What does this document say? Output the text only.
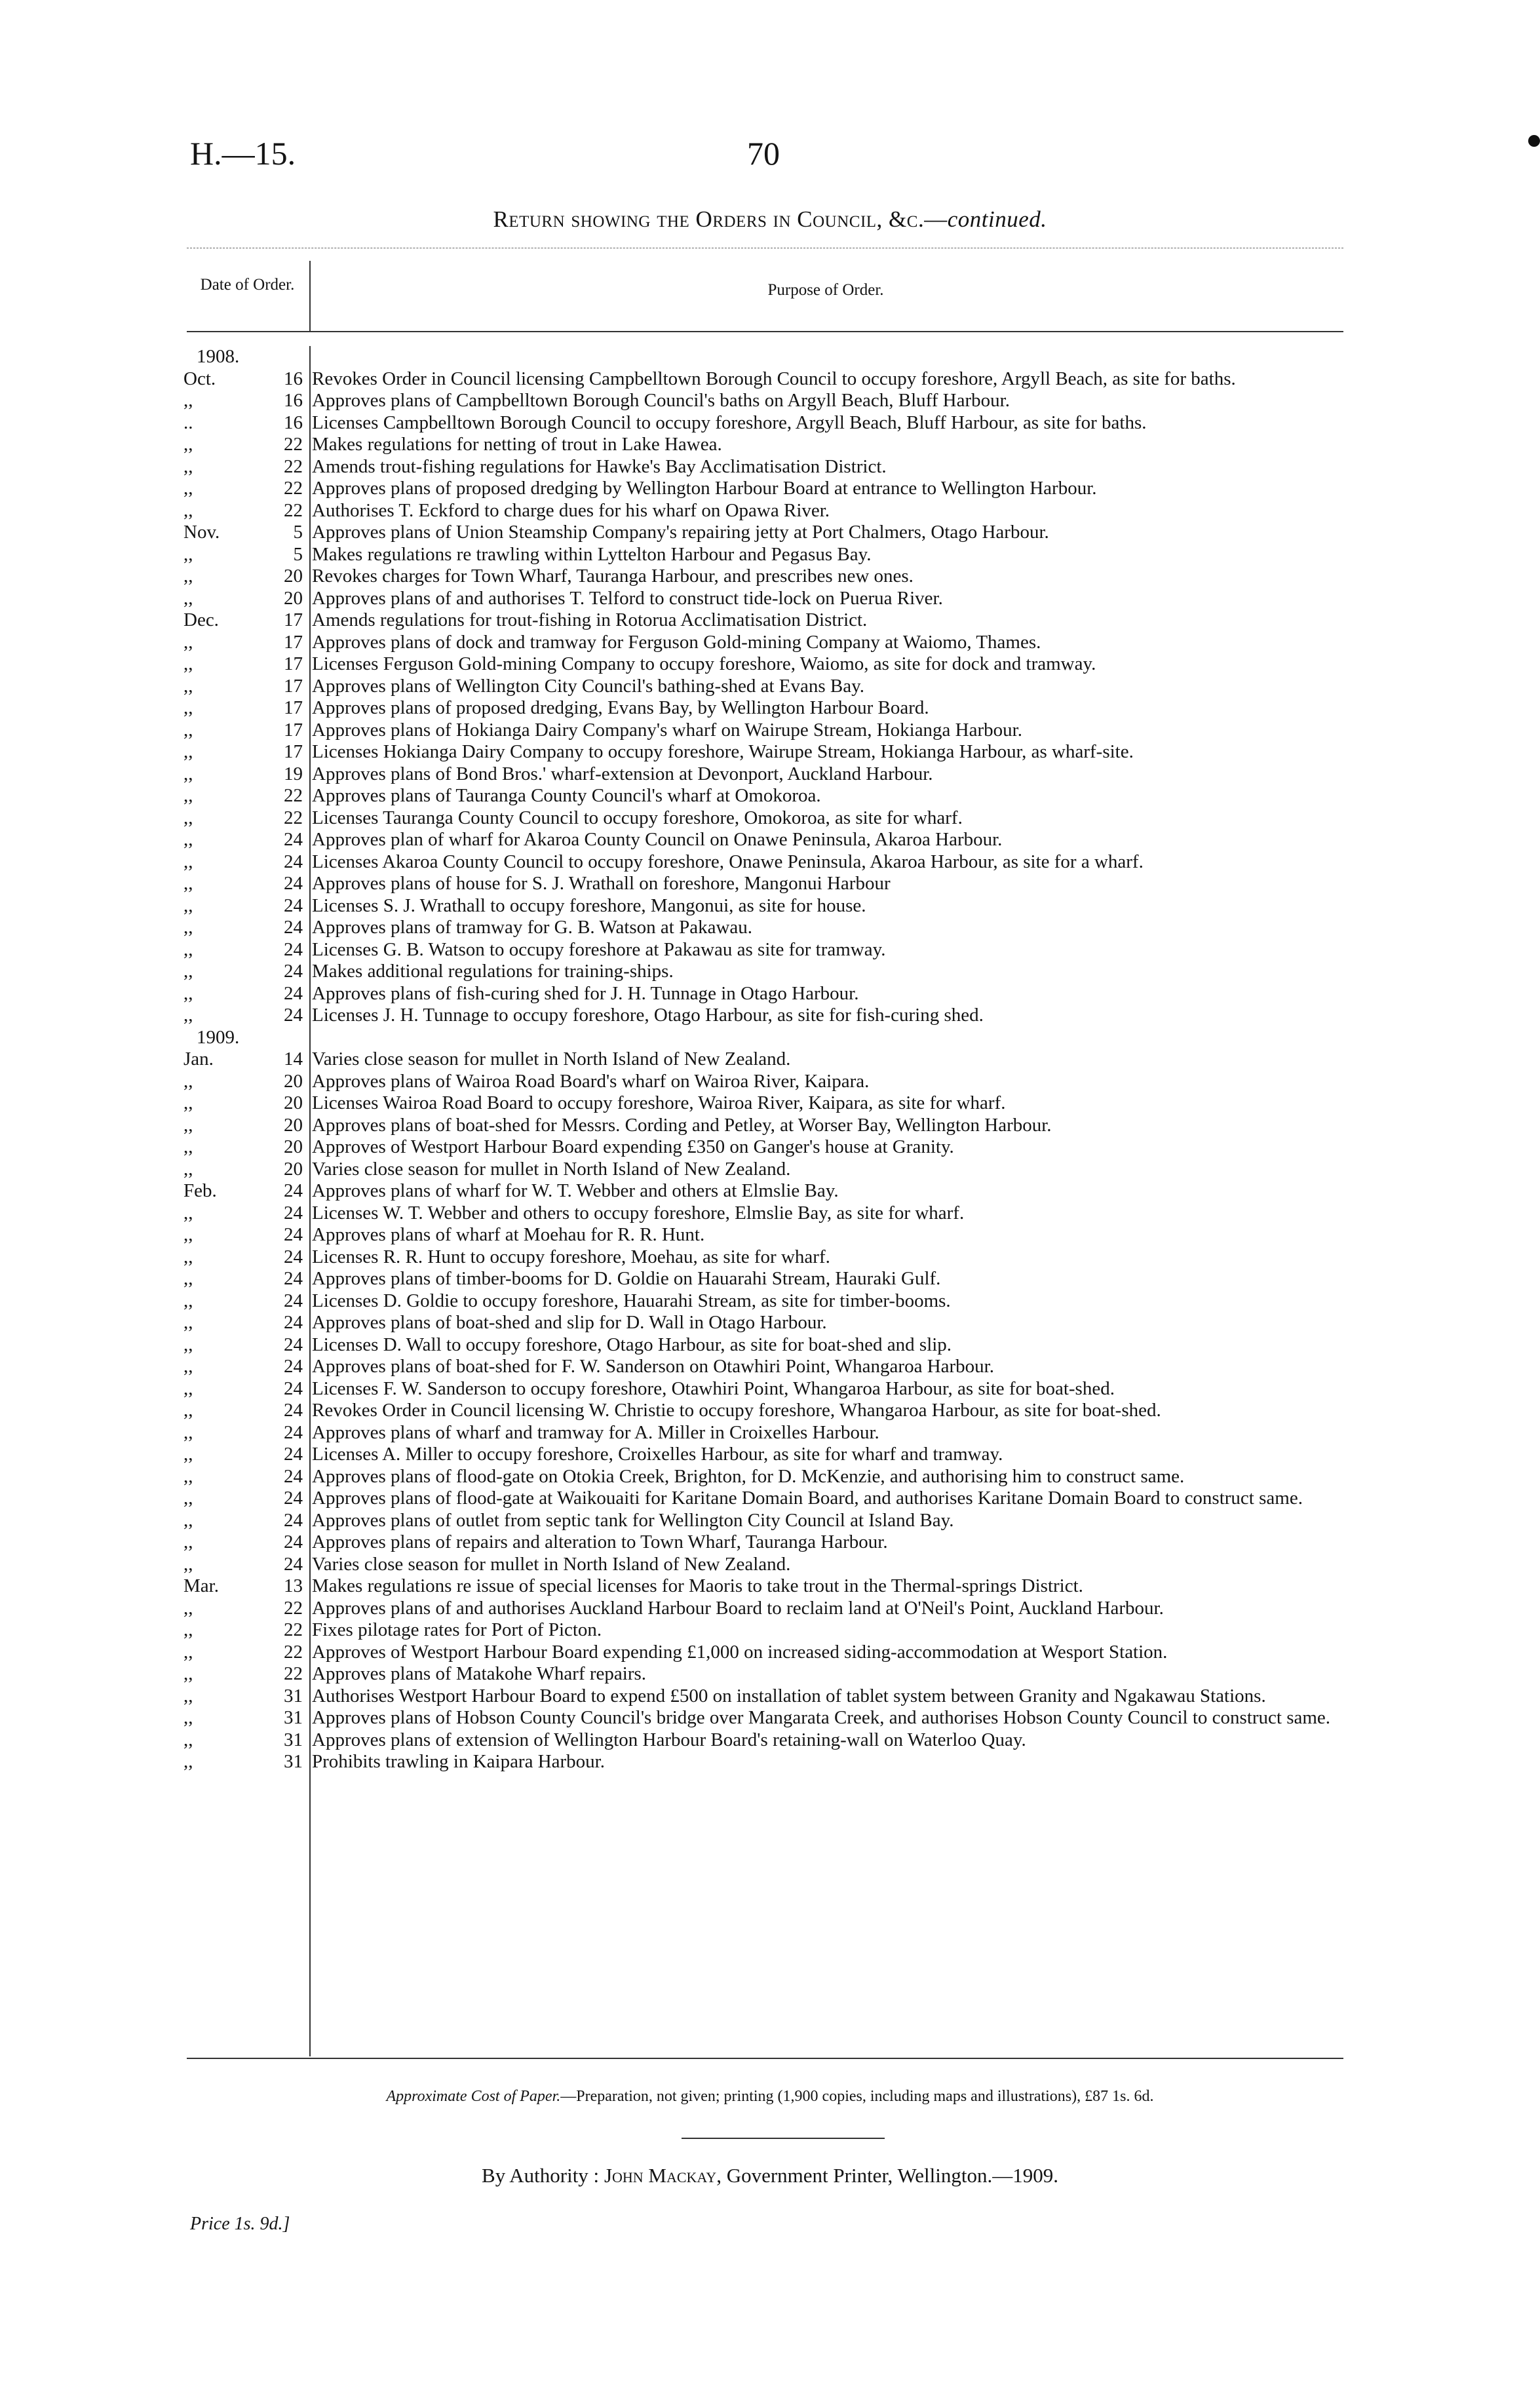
H.—15.	70
Return showing the Orders in Council, &c.—continued.
Date of Order.	Purpose of Order.
1908.
Oct.	16 Revokes Order in Council licensing Campbelltown Borough Council to occupy foreshore, Argyll Beach, as site for baths.
,,	16 Approves plans of Campbelltown Borough Council's baths on Argyll Beach, Bluff Harbour.
..	16 Licenses Campbelltown Borough Council to occupy foreshore, Argyll Beach, Bluff Harbour, as site for baths.
,,	22 Makes regulations for netting of trout in Lake Hawea.
,,	22 Amends trout-fishing regulations for Hawke's Bay Acclimatisation District.
,,	22 Approves plans of proposed dredging by Wellington Harbour Board at entrance to Wellington Harbour.
,,	22 Authorises T. Eckford to charge dues for his wharf on Opawa River.
Nov.	5 Approves plans of Union Steamship Company's repairing jetty at Port Chalmers, Otago Harbour.
,,	5 Makes regulations re trawling within Lyttelton Harbour and Pegasus Bay.
,,	20 Revokes charges for Town Wharf, Tauranga Harbour, and prescribes new ones.
,,	20 Approves plans of and authorises T. Telford to construct tide-lock on Puerua River.
Dec.	17 Amends regulations for trout-fishing in Rotorua Acclimatisation District.
,,	17 Approves plans of dock and tramway for Ferguson Gold-mining Company at Waiomo, Thames.
,,	17 Licenses Ferguson Gold-mining Company to occupy foreshore, Waiomo, as site for dock and tramway.
,,	17 Approves plans of Wellington City Council's bathing-shed at Evans Bay.
,,	17 Approves plans of proposed dredging, Evans Bay, by Wellington Harbour Board.
,,	17 Approves plans of Hokianga Dairy Company's wharf on Wairupe Stream, Hokianga Harbour.
,,	17 Licenses Hokianga Dairy Company to occupy foreshore, Wairupe Stream, Hokianga Harbour, as wharf-site.
,,	19 Approves plans of Bond Bros.' wharf-extension at Devonport, Auckland Harbour.
,,	22 Approves plans of Tauranga County Council's wharf at Omokoroa.
,,	22 Licenses Tauranga County Council to occupy foreshore, Omokoroa, as site for wharf.
,,	24 Approves plan of wharf for Akaroa County Council on Onawe Peninsula, Akaroa Harbour.
,,	24 Licenses Akaroa County Council to occupy foreshore, Onawe Peninsula, Akaroa Harbour, as site for a wharf.
,,	24 Approves plans of house for S. J. Wrathall on foreshore, Mangonui Harbour
,,	24 Licenses S. J. Wrathall to occupy foreshore, Mangonui, as site for house.
,,	24 Approves plans of tramway for G. B. Watson at Pakawau.
,,	24 Licenses G. B. Watson to occupy foreshore at Pakawau as site for tramway.
,,	24 Makes additional regulations for training-ships.
,,	24 Approves plans of fish-curing shed for J. H. Tunnage in Otago Harbour.
,,	24 Licenses J. H. Tunnage to occupy foreshore, Otago Harbour, as site for fish-curing shed.
1909.
Jan.	14 Varies close season for mullet in North Island of New Zealand.
,,	20 Approves plans of Wairoa Road Board's wharf on Wairoa River, Kaipara.
,,	20 Licenses Wairoa Road Board to occupy foreshore, Wairoa River, Kaipara, as site for wharf.
,,	20 Approves plans of boat-shed for Messrs. Cording and Petley, at Worser Bay, Wellington Harbour.
,,	20 Approves of Westport Harbour Board expending £350 on Ganger's house at Granity.
,,	20 Varies close season for mullet in North Island of New Zealand.
Feb.	24 Approves plans of wharf for W. T. Webber and others at Elmslie Bay.
,,	24 Licenses W. T. Webber and others to occupy foreshore, Elmslie Bay, as site for wharf.
,,	24 Approves plans of wharf at Moehau for R. R. Hunt.
,,	24 Licenses R. R. Hunt to occupy foreshore, Moehau, as site for wharf.
,,	24 Approves plans of timber-booms for D. Goldie on Hauarahi Stream, Hauraki Gulf.
,,	24 Licenses D. Goldie to occupy foreshore, Hauarahi Stream, as site for timber-booms.
,,	24 Approves plans of boat-shed and slip for D. Wall in Otago Harbour.
,,	24 Licenses D. Wall to occupy foreshore, Otago Harbour, as site for boat-shed and slip.
,,	24 Approves plans of boat-shed for F. W. Sanderson on Otawhiri Point, Whangaroa Harbour.
,,	24 Licenses F. W. Sanderson to occupy foreshore, Otawhiri Point, Whangaroa Harbour, as site for boat-shed.
,,	24 Revokes Order in Council licensing W. Christie to occupy foreshore, Whangaroa Harbour, as site for boat-shed.
,,	24 Approves plans of wharf and tramway for A. Miller in Croixelles Harbour.
,,	24 Licenses A. Miller to occupy foreshore, Croixelles Harbour, as site for wharf and tramway.
,,	24 Approves plans of flood-gate on Otokia Creek, Brighton, for D. McKenzie, and authorising him to construct same.
,,	24 Approves plans of flood-gate at Waikouaiti for Karitane Domain Board, and authorises Karitane Domain Board to construct same.
,,	24 Approves plans of outlet from septic tank for Wellington City Council at Island Bay.
,,	24 Approves plans of repairs and alteration to Town Wharf, Tauranga Harbour.
,,	24 Varies close season for mullet in North Island of New Zealand.
Mar.	13 Makes regulations re issue of special licenses for Maoris to take trout in the Thermal-springs District.
,,	22 Approves plans of and authorises Auckland Harbour Board to reclaim land at O'Neil's Point, Auckland Harbour.
,,	22 Fixes pilotage rates for Port of Picton.
,,	22 Approves of Westport Harbour Board expending £1,000 on increased siding-accommodation at Wesport Station.
,,	22 Approves plans of Matakohe Wharf repairs.
,,	31 Authorises Westport Harbour Board to expend £500 on installation of tablet system between Granity and Ngakawau Stations.
,,	31 Approves plans of Hobson County Council's bridge over Mangarata Creek, and authorises Hobson County Council to construct same.
,,	31 Approves plans of extension of Wellington Harbour Board's retaining-wall on Waterloo Quay.
,,	31 Prohibits trawling in Kaipara Harbour.
Approximate Cost of Paper.—Preparation, not given; printing (1,900 copies, including maps and illustrations), £87 1s. 6d.
By Authority : John Mackay, Government Printer, Wellington.—1909.
Price 1s. 9d.]
